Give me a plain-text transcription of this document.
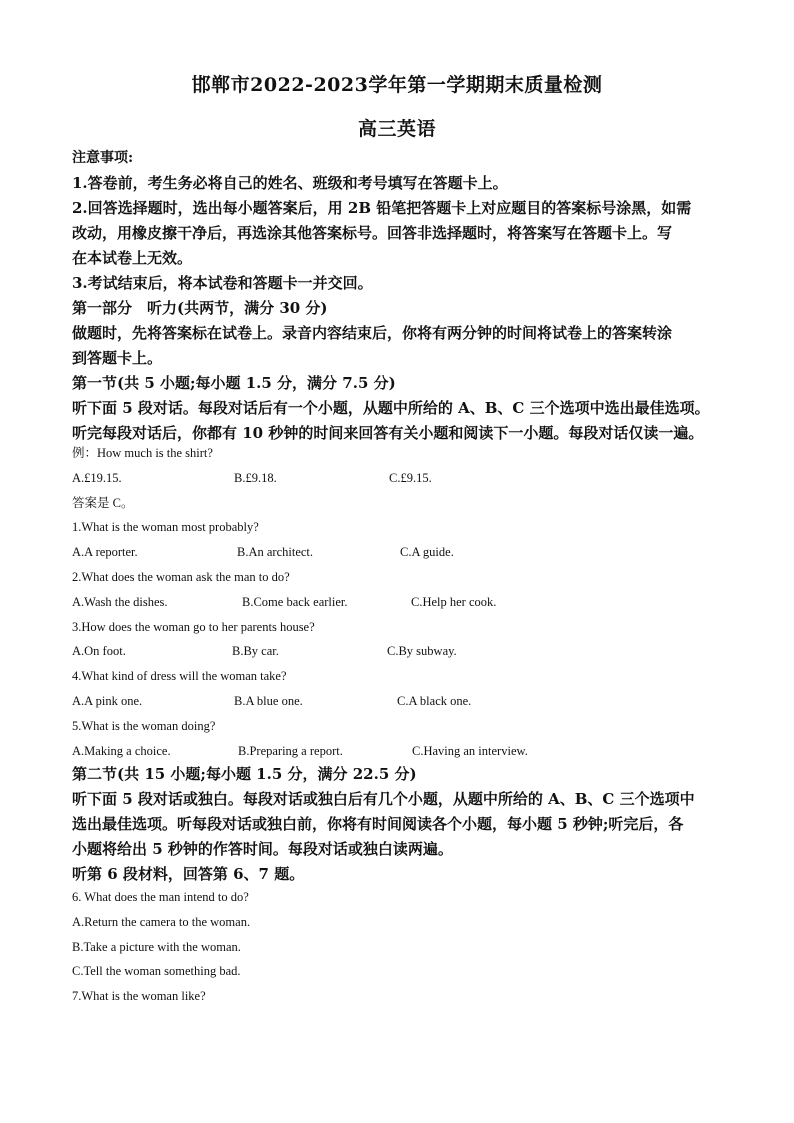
邯郸市2022-2023学年第一学期期末质量检测
高三英语

注意事项:

1.答卷前，考生务必将自己的姓名、班级和考号填写在答题卡上。

2.回答选择题时，选出每小题答案后，用 2B 铅笔把答题卡上对应题目的答案标号涂黑，如需

改动，用橡皮擦干净后，再选涂其他答案标号。回答非选择题时，将答案写在答题卡上。写

在本试卷上无效。

3.考试结束后，将本试卷和答题卡一并交回。

第一部分　听力(共两节，满分 30 分)

做题时，先将答案标在试卷上。录音内容结束后，你将有两分钟的时间将试卷上的答案转涂

到答题卡上。

第一节(共 5 小题;每小题 1.5 分，满分 7.5 分)

听下面 5 段对话。每段对话后有一个小题，从题中所给的 A、B、C 三个选项中选出最佳选项。

听完每段对话后，你都有 10 秒钟的时间来回答有关小题和阅读下一小题。每段对话仅读一遍。

例：How much is the shirt?

A.£19.15.	B.£9.18.	C.£9.15.

答案是 C。

1.What is the woman most probably?

A.A reporter.	B.An architect.	C.A guide.

2.What does the woman ask the man to do?

A.Wash the dishes.	B.Come back earlier.	C.Help her cook.

3.How does the woman go to her parents house?

A.On foot.	B.By car.	C.By subway.

4.What kind of dress will the woman take?

A.A pink one.	B.A blue one.	C.A black one.

5.What is the woman doing?

A.Making a choice.	B.Preparing a report.	C.Having an interview.

第二节(共 15 小题;每小题 1.5 分，满分 22.5 分)

听下面 5 段对话或独白。每段对话或独白后有几个小题，从题中所给的 A、B、C 三个选项中

选出最佳选项。听每段对话或独白前，你将有时间阅读各个小题，每小题 5 秒钟;听完后，各

小题将给出 5 秒钟的作答时间。每段对话或独白读两遍。

听第 6 段材料，回答第 6、7 题。

6. What does the man intend to do?

A.Return the camera to the woman.

B.Take a picture with the woman.

C.Tell the woman something bad.

7.What is the woman like?
